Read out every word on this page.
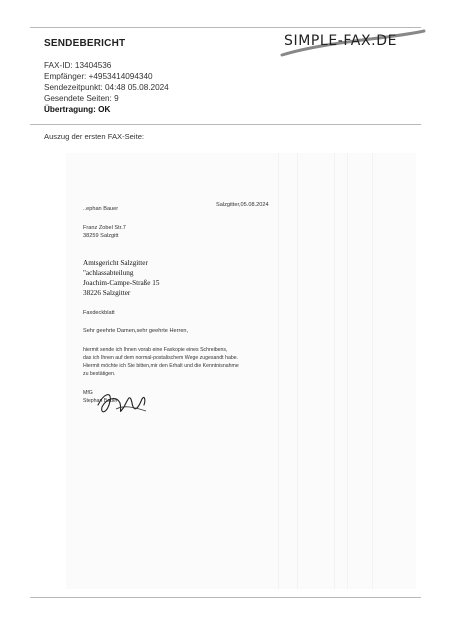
SENDEBERICHT	SIMPLE-FAX.DE
FAX-ID: 13404536
Empfänger: +4953414094340
Sendezeitpunkt: 04:48 05.08.2024
Gesendete Seiten: 9
Übertragung: OK
Auszug der ersten FAX-Seite:
..ephan Bauer
Salzgitter,05.08.2024
Franz Zobel Str.7
38259 Salzgitt
Amtsgericht Salzgitter
"achlassabteilung
Joachim-Campe-Straße 15
38226 Salzgitter
Faxdeckblatt
Sehr geehrte Damen,sehr geehrte Herren,
hiermit sende ich Ihnen vorab eine Faxkopie eines Schreibens,
das ich Ihnen auf dem normal-postalischem Wege zugesandt habe.
Hiermit möchte ich Sie bitten,mir den Erhalt und die Kenntnisnahme
zu bestätigen.
MfG
Stephan Bauer
